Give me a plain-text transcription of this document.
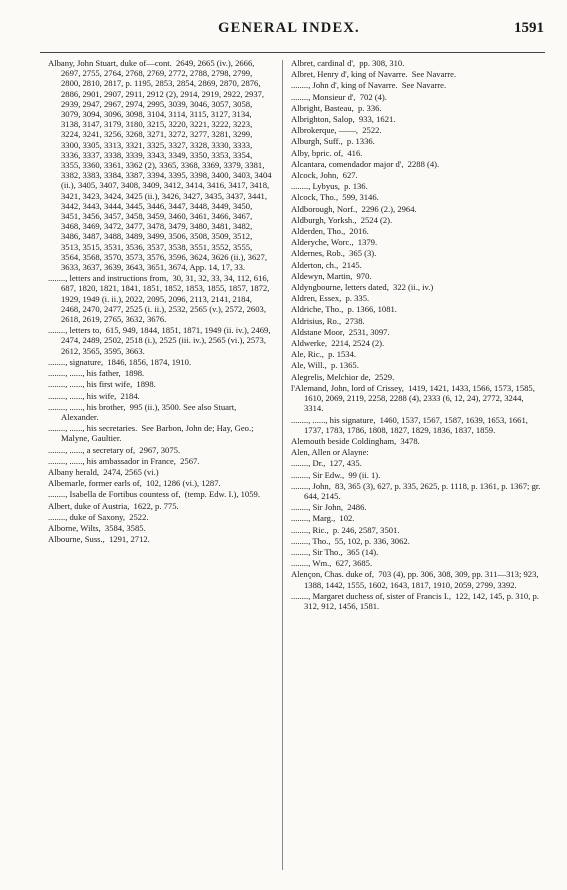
GENERAL INDEX.	1591

Albany, John Stuart, duke of—cont. 2649, 2665 (iv.), 2666, 2697, 2755, 2764, 2768, 2769, 2772, 2788, 2798, 2799, 2800, 2810, 2817, p. 1195, 2853, 2854, 2869, 2870, 2876, 2886, 2901, 2907, 2911, 2912 (2), 2914, 2919, 2922, 2937, 2939, 2947, 2967, 2974, 2995, 3039, 3046, 3057, 3058, 3079, 3094, 3096, 3098, 3104, 3114, 3115, 3127, 3134, 3138, 3147, 3179, 3180, 3215, 3220, 3221, 3222, 3223, 3224, 3241, 3256, 3268, 3271, 3272, 3277, 3281, 3299, 3300, 3305, 3313, 3321, 3325, 3327, 3328, 3330, 3333, 3336, 3337, 3338, 3339, 3343, 3349, 3350, 3353, 3354, 3355, 3360, 3361, 3362 (2), 3365, 3368, 3369, 3379, 3381, 3382, 3383, 3384, 3387, 3394, 3395, 3398, 3400, 3403, 3404 (ii.), 3405, 3407, 3408, 3409, 3412, 3414, 3416, 3417, 3418, 3421, 3423, 3424, 3425 (ii.), 3426, 3427, 3435, 3437, 3441, 3442, 3443, 3444, 3445, 3446, 3447, 3448, 3449, 3450, 3451, 3456, 3457, 3458, 3459, 3460, 3461, 3466, 3467, 3468, 3469, 3472, 3477, 3478, 3479, 3480, 3481, 3482, 3486, 3487, 3488, 3489, 3499, 3506, 3508, 3509, 3512, 3513, 3515, 3531, 3536, 3537, 3538, 3551, 3552, 3555, 3564, 3568, 3570, 3573, 3576, 3596, 3624, 3626 (ii.), 3627, 3633, 3637, 3639, 3643, 3651, 3674, App. 14, 17, 33.

........, letters and instructions from, 30, 31, 32, 33, 34, 112, 616, 687, 1820, 1821, 1841, 1851, 1852, 1853, 1855, 1857, 1872, 1929, 1949 (i. ii.), 2022, 2095, 2096, 2113, 2141, 2184, 2468, 2470, 2477, 2525 (i. ii.), 2532, 2565 (v.), 2572, 2603, 2618, 2619, 2765, 3632, 3676.

........, letters to, 615, 949, 1844, 1851, 1871, 1949 (ii. iv.), 2469, 2474, 2489, 2502, 2518 (i.), 2525 (iii. iv.), 2565 (vi.), 2573, 2612, 3565, 3595, 3663.

........, signature, 1846, 1856, 1874, 1910.

........, ......, his father, 1898.

........, ......, his first wife, 1898.

........, ......, his wife, 2184.

........, ......, his brother, 995 (ii.), 3500. See also Stuart, Alexander.

........, ......, his secretaries. See Barbon, John de; Hay, Geo.; Malyne, Gaultier.

........, ......, a secretary of, 2967, 3075.

........, ......, his ambassador in France, 2567.

Albany herald, 2474, 2565 (vi.)

Albemarle, former earls of, 102, 1286 (vi.), 1287.

........, Isabella de Fortibus countess of, (temp. Edw. I.), 1059.

Albert, duke of Austria, 1622, p. 775.

........, duke of Saxony, 2522.

Alborne, Wilts, 3584, 3585.

Albourne, Suss., 1291, 2712.

Albret, cardinal d', pp. 308, 310.

Albret, Henry d', king of Navarre. See Navarre.

........, John d', king of Navarre. See Navarre.

........, Monsieur d', 702 (4).

Albright, Basteau, p. 336.

Albrighton, Salop, 933, 1621.

Albrokerque, ——, 2522.

Alburgh, Suff., p. 1336.

Alby, bpric. of, 416.

Alcantara, comendador major d', 2288 (4).

Alcock, John, 627.

........, Lybyus, p. 136.

Alcock, Tho., 599, 3146.

Aldborough, Norf., 2296 (2.), 2964.

Aldburgh, Yorksh., 2524 (2).

Alderden, Tho., 2016.

Alderyche, Worc., 1379.

Aldernes, Rob., 365 (3).

Alderton, ch., 2145.

Aldewyn, Martin, 970.

Aldyngbourne, letters dated, 322 (ii., iv.)

Aldren, Essex, p. 335.

Aldriche, Tho., p. 1366, 1081.

Aldrisius, Ro., 2738.

Aldstane Moor, 2531, 3097.

Aldwerke, 2214, 2524 (2).

Ale, Ric., p. 1534.

Ale, Will., p. 1365.

Alegrelis, Melchior de, 2529.

l'Alemand, John, lord of Crissey, 1419, 1421, 1433, 1566, 1573, 1585, 1610, 2069, 2119, 2258, 2288 (4), 2333 (6, 12, 24), 2772, 3244, 3314.

........, ......, his signature, 1460, 1537, 1567, 1587, 1639, 1653, 1661, 1737, 1783, 1786, 1808, 1827, 1829, 1836, 1837, 1859.

Alemouth beside Coldingham, 3478.

Alen, Allen or Alayne:

........, Dr., 127, 435.

........, Sir Edw., 99 (ii. 1).

........, John, 83, 365 (3), 627, p. 335, 2625, p. 1118, p. 1361, p. 1367; gr. 644, 2145.

........, Sir John, 2486.

........, Marg., 102.

........, Ric., p. 246, 2587, 3501.

........, Tho., 55, 102, p. 336, 3062.

........, Sir Tho., 365 (14).

........, Wm., 627, 3685.

Alençon, Chas. duke of, 703 (4), pp. 306, 308, 309, pp. 311—313; 923, 1388, 1442, 1555, 1602, 1643, 1817, 1910, 2059, 2799, 3392.

........, Margaret duchess of, sister of Francis I., 122, 142, 145, p. 310, p. 312, 912, 1456, 1581.
